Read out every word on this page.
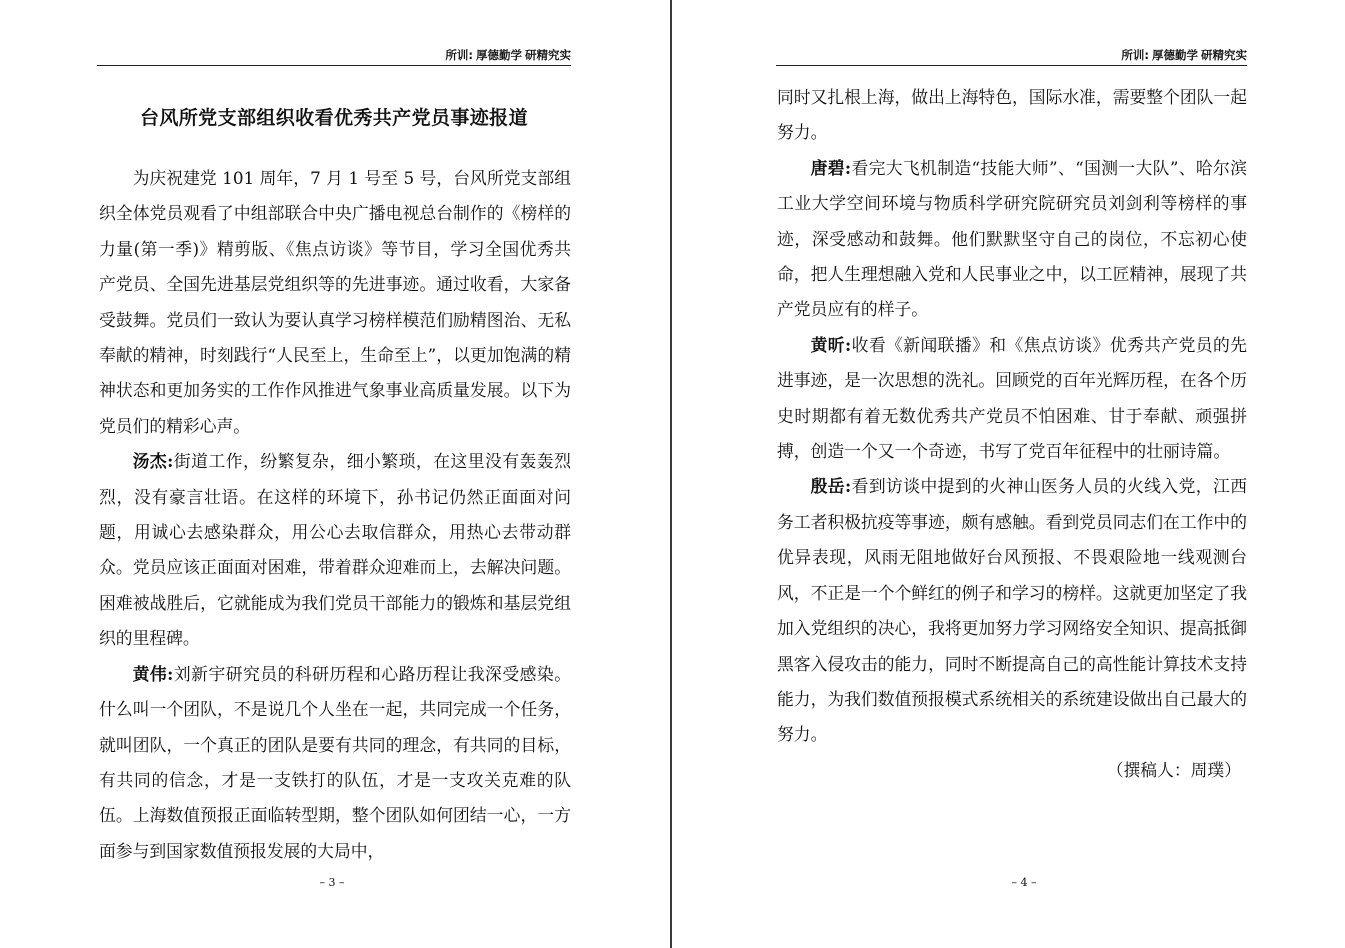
所训: 厚德勤学 研精究实
台风所党支部组织收看优秀共产党员事迹报道

为庆祝建党 101 周年，7 月 1 号至 5 号，台风所党支部组织全体党员观看了中组部联合中央广播电视总台制作的《榜样的力量(第一季)》精剪版、《焦点访谈》等节目，学习全国优秀共产党员、全国先进基层党组织等的先进事迹。通过收看，大家备受鼓舞。党员们一致认为要认真学习榜样模范们励精图治、无私奉献的精神，时刻践行“人民至上，生命至上”，以更加饱满的精神状态和更加务实的工作作风推进气象事业高质量发展。以下为党员们的精彩心声。

汤杰:街道工作，纷繁复杂，细小繁琐，在这里没有轰轰烈烈，没有豪言壮语。在这样的环境下，孙书记仍然正面面对问题，用诚心去感染群众，用公心去取信群众，用热心去带动群众。党员应该正面面对困难，带着群众迎难而上，去解决问题。困难被战胜后，它就能成为我们党员干部能力的锻炼和基层党组织的里程碑。

黄伟:刘新宇研究员的科研历程和心路历程让我深受感染。什么叫一个团队，不是说几个人坐在一起，共同完成一个任务，就叫团队，一个真正的团队是要有共同的理念，有共同的目标，有共同的信念，才是一支铁打的队伍，才是一支攻关克难的队伍。上海数值预报正面临转型期，整个团队如何团结一心，一方面参与到国家数值预报发展的大局中，

– 3 –
所训: 厚德勤学 研精究实

同时又扎根上海，做出上海特色，国际水准，需要整个团队一起努力。

唐碧:看完大飞机制造“技能大师”、“国测一大队”、哈尔滨工业大学空间环境与物质科学研究院研究员刘剑利等榜样的事迹，深受感动和鼓舞。他们默默坚守自己的岗位，不忘初心使命，把人生理想融入党和人民事业之中，以工匠精神，展现了共产党员应有的样子。

黄昕:收看《新闻联播》和《焦点访谈》优秀共产党员的先进事迹，是一次思想的洗礼。回顾党的百年光辉历程，在各个历史时期都有着无数优秀共产党员不怕困难、甘于奉献、顽强拼搏，创造一个又一个奇迹，书写了党百年征程中的壮丽诗篇。

殷岳:看到访谈中提到的火神山医务人员的火线入党，江西务工者积极抗疫等事迹，颇有感触。看到党员同志们在工作中的优异表现，风雨无阻地做好台风预报、不畏艰险地一线观测台风，不正是一个个鲜红的例子和学习的榜样。这就更加坚定了我加入党组织的决心，我将更加努力学习网络安全知识、提高抵御黑客入侵攻击的能力，同时不断提高自己的高性能计算技术支持能力，为我们数值预报模式系统相关的系统建设做出自己最大的努力。

（撰稿人：周璞）

– 4 –
